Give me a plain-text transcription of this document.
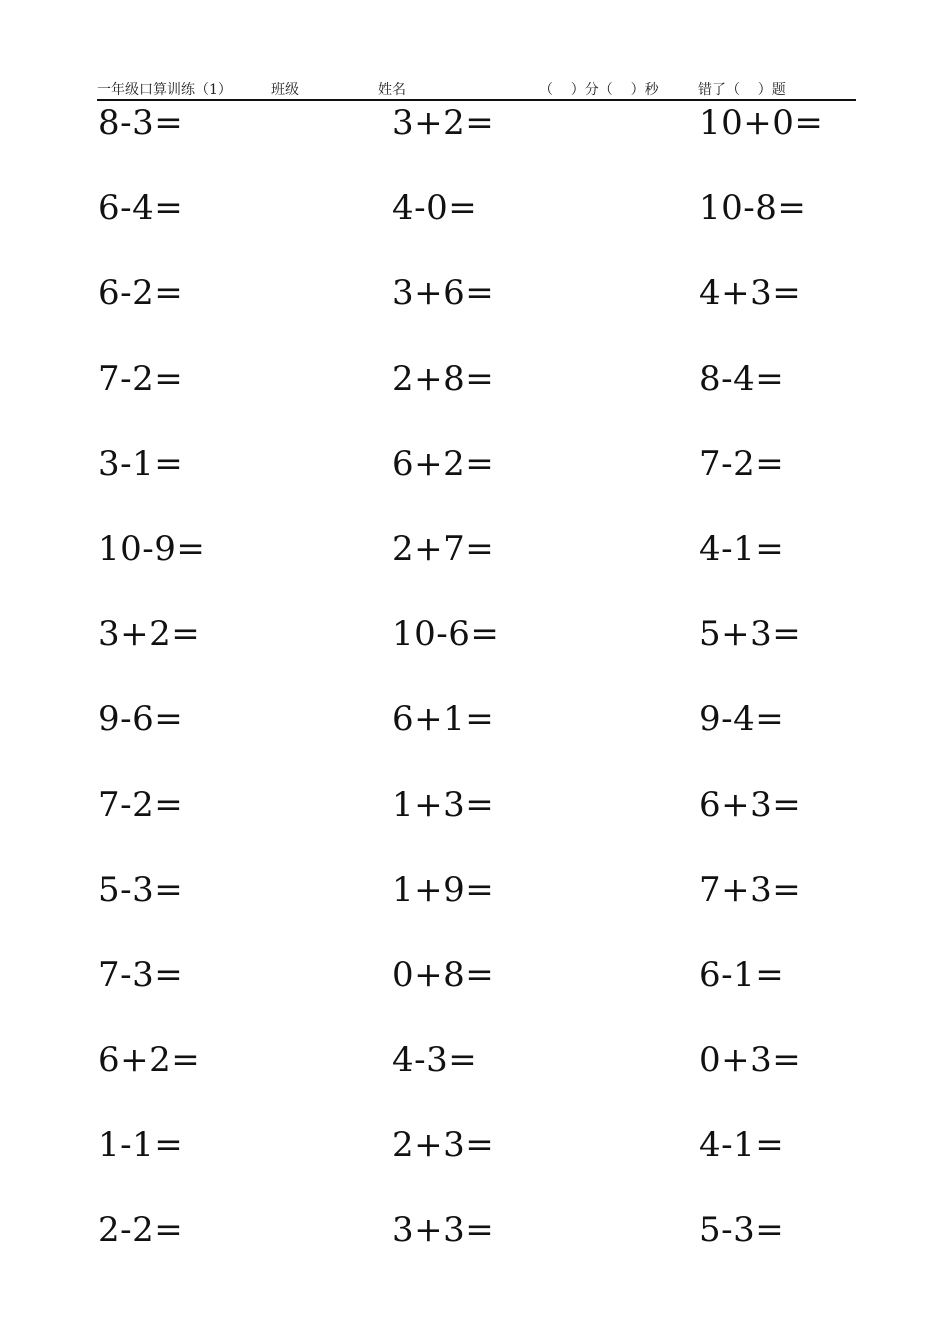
一年级口算训练（1）	班级	姓名	（    ）分（    ）秒	错了（    ）题
8-3=	3+2=	10+0=
6-4=	4-0=	10-8=
6-2=	3+6=	4+3=
7-2=	2+8=	8-4=
3-1=	6+2=	7-2=
10-9=	2+7=	4-1=
3+2=	10-6=	5+3=
9-6=	6+1=	9-4=
7-2=	1+3=	6+3=
5-3=	1+9=	7+3=
7-3=	0+8=	6-1=
6+2=	4-3=	0+3=
1-1=	2+3=	4-1=
2-2=	3+3=	5-3=
